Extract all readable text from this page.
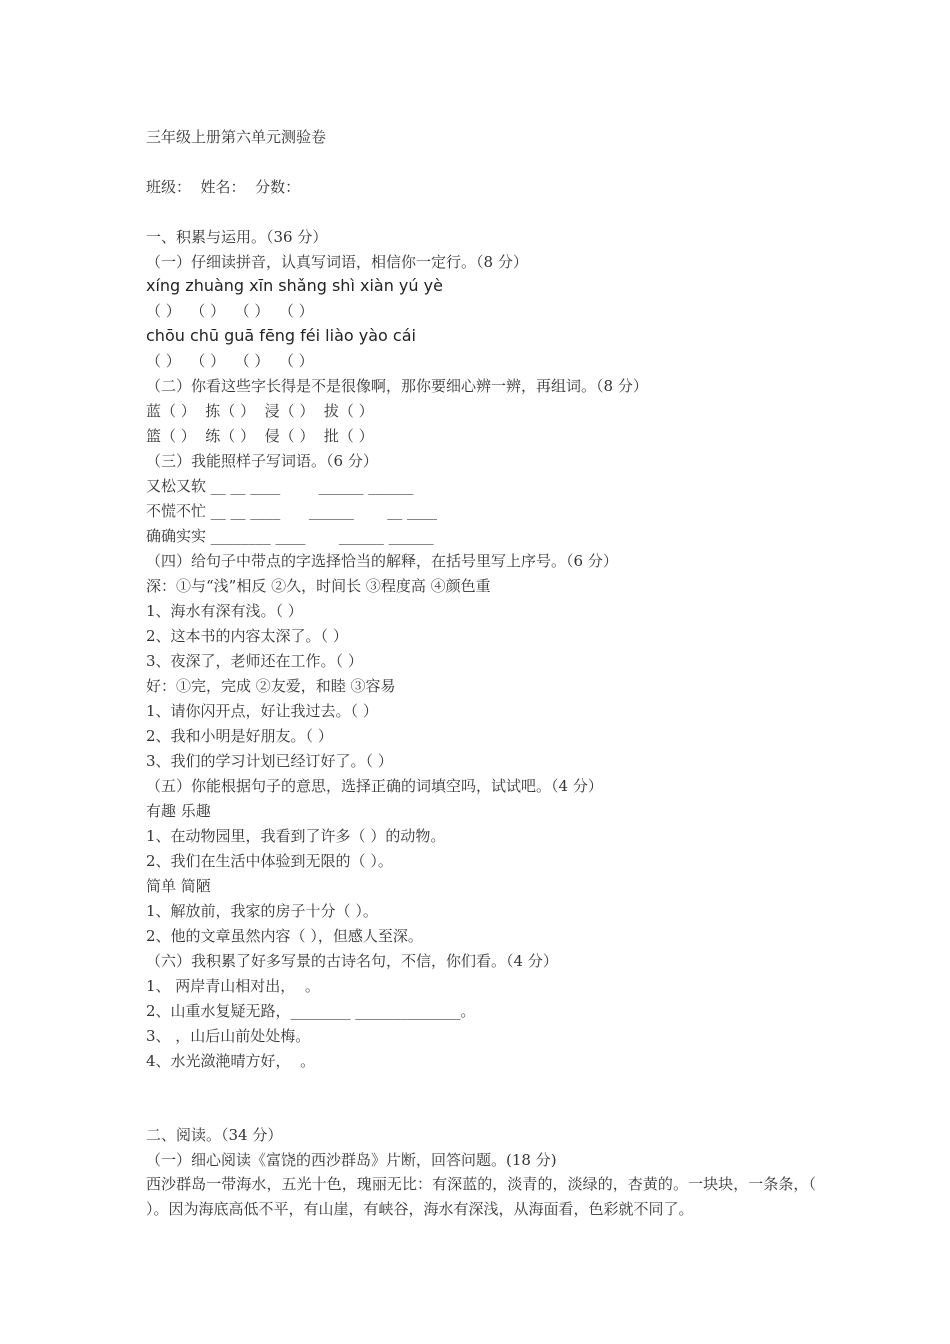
三年级上册第六单元测验卷
班级：  姓名：  分数：
一、积累与运用。（36 分）
（一）仔细读拼音，认真写词语，相信你一定行。（8 分）
xíng zhuàng xīn shǎng shì xiàn yú yè
（ ）  （ ）  （ ）  （ ）
chōu chū guā fēng féi liào yào cái
（ ）  （ ）  （ ）  （ ）
（二）你看这些字长得是不是很像啊，那你要细心辨一辨，再组词。（8 分）
蓝（ ）  拣（ ）  浸（ ）  拔（ ）
篮（ ）  练（ ）  侵（ ）  批（ ）
（三）我能照样子写词语。（6 分）
又松又软 __ __ ____        ______ ______
不慌不忙 __ __ ____      ______       __ ____
确确实实 ________ ____       ______ ______
（四）给句子中带点的字选择恰当的解释，在括号里写上序号。（6 分）
深：①与“浅”相反 ②久，时间长 ③程度高 ④颜色重
1、海水有深有浅。（ ）
2、这本书的内容太深了。（ ）
3、夜深了，老师还在工作。（ ）
好：①完，完成 ②友爱，和睦 ③容易
1、请你闪开点，好让我过去。（ ）
2、我和小明是好朋友。（ ）
3、我们的学习计划已经订好了。（ ）
（五）你能根据句子的意思，选择正确的词填空吗，试试吧。（4 分）
有趣 乐趣
1、在动物园里，我看到了许多（ ）的动物。
2、我们在生活中体验到无限的（ ）。
简单 简陋
1、解放前，我家的房子十分（ ）。
2、他的文章虽然内容（ ），但感人至深。
（六）我积累了好多写景的古诗名句，不信，你们看。（4 分）
1、 两岸青山相对出，  。
2、山重水复疑无路，________ ______________。
3、 ，山后山前处处梅。
4、水光潋滟晴方好，  。
二、阅读。（34 分）
（一）细心阅读《富饶的西沙群岛》片断，回答问题。(18 分)
西沙群岛一带海水，五光十色，瑰丽无比：有深蓝的，淡青的，淡绿的，杏黄的。一块块，一条条，（ ）。因为海底高低不平，有山崖，有峡谷，海水有深浅，从海面看，色彩就不同了。
